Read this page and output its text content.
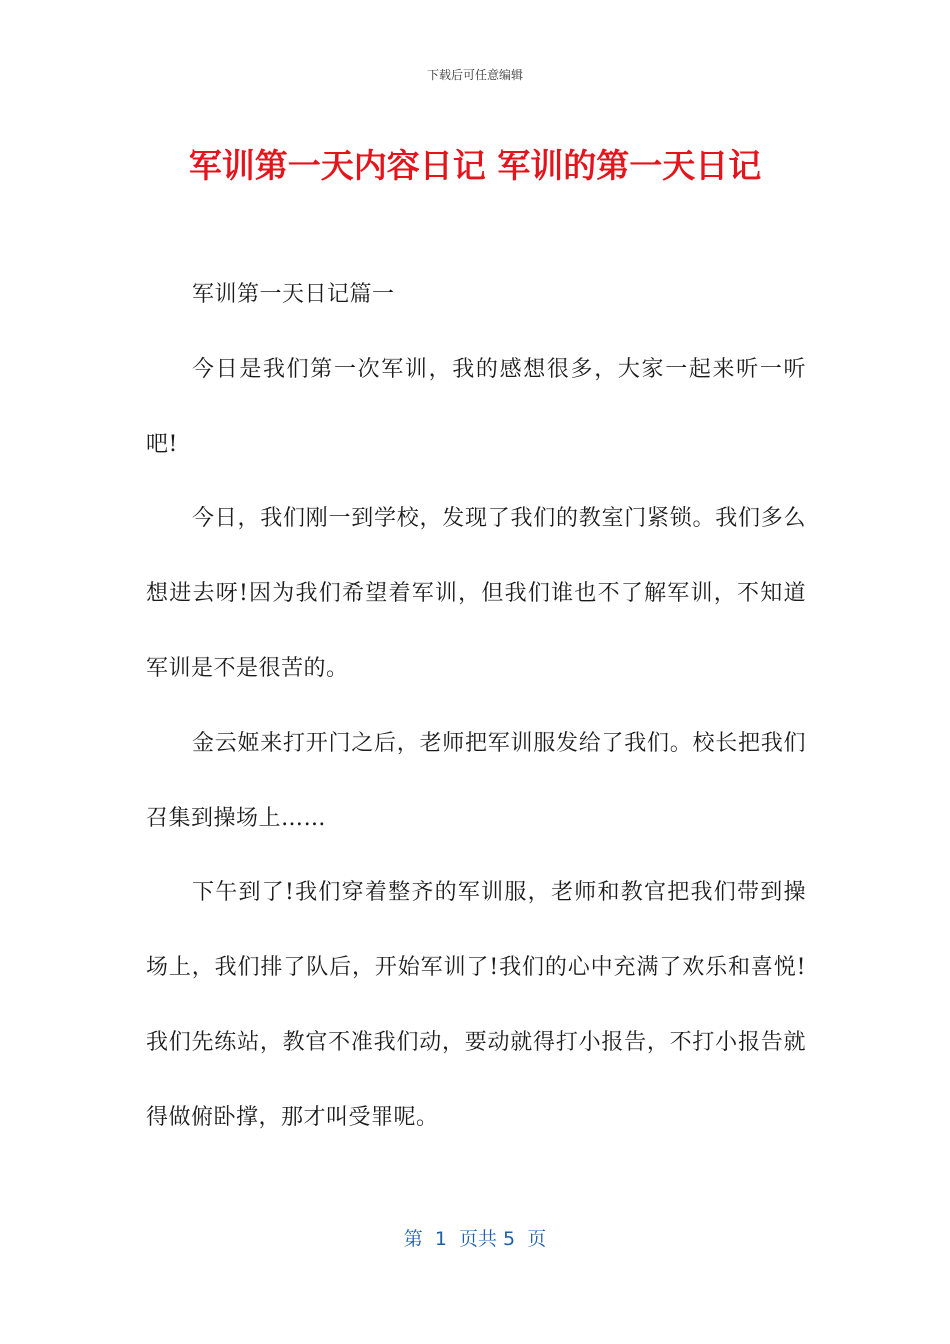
下载后可任意编辑
军训第一天内容日记 军训的第一天日记

军训第一天日记篇一

今日是我们第一次军训，我的感想很多，大家一起来听一听吧!

今日，我们刚一到学校，发现了我们的教室门紧锁。我们多么想进去呀!因为我们希望着军训，但我们谁也不了解军训，不知道军训是不是很苦的。

金云姬来打开门之后，老师把军训服发给了我们。校长把我们召集到操场上……

下午到了!我们穿着整齐的军训服，老师和教官把我们带到操场上，我们排了队后，开始军训了!我们的心中充满了欢乐和喜悦!我们先练站，教官不准我们动，要动就得打小报告，不打小报告就得做俯卧撑，那才叫受罪呢。

第  1  页共 5  页
